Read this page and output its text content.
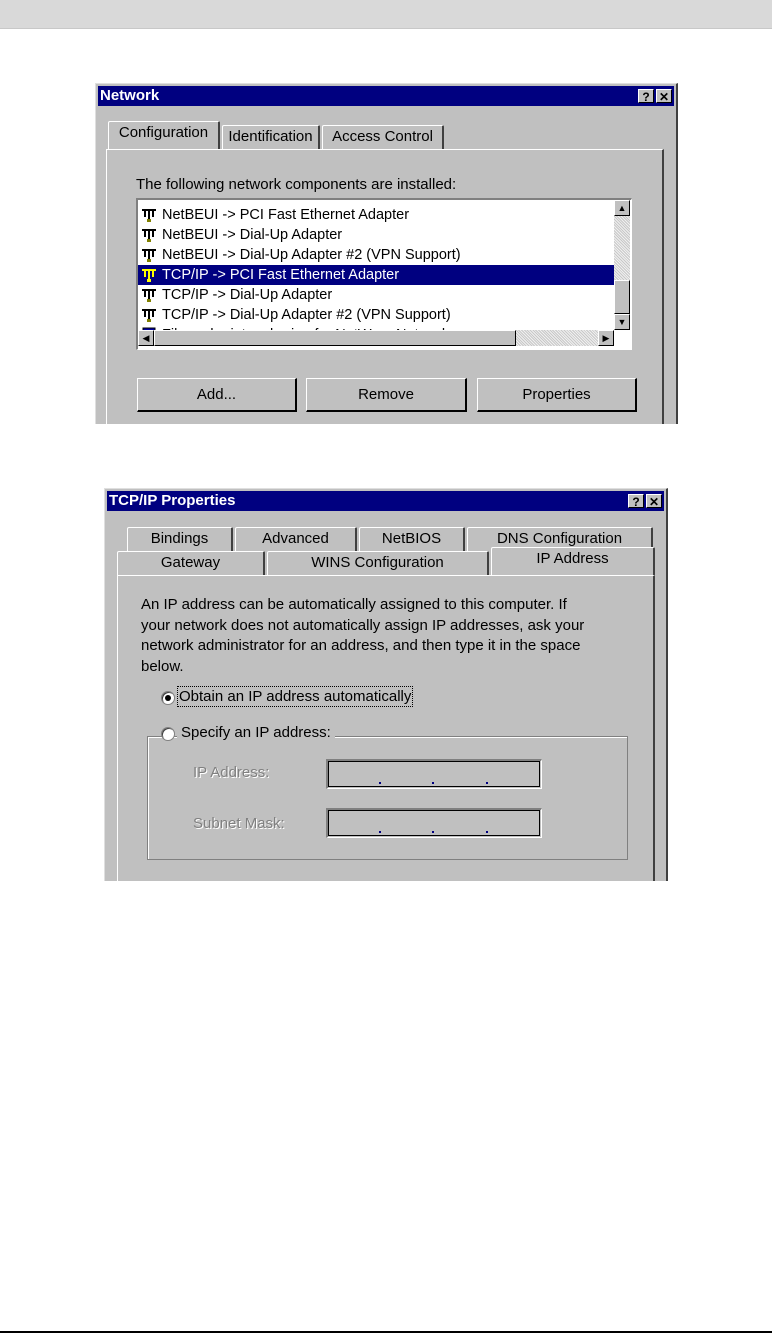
Network	? ✕
Configuration	Identification	Access Control
The following network components are installed:
NetBEUI -> PCI Fast Ethernet Adapter
NetBEUI -> Dial-Up Adapter
NetBEUI -> Dial-Up Adapter #2 (VPN Support)
TCP/IP -> PCI Fast Ethernet Adapter
TCP/IP -> Dial-Up Adapter
TCP/IP -> Dial-Up Adapter #2 (VPN Support)
▲
▼
◀	▶
Add...	Remove	Properties
TCP/IP Properties	? ✕
Bindings	Advanced	NetBIOS	DNS Configuration
Gateway	WINS Configuration	IP Address
An IP address can be automatically assigned to this computer. If
your network does not automatically assign IP addresses, ask your
network administrator for an address, and then type it in the space
below.
Obtain an IP address automatically
Specify an IP address:
IP Address:
Subnet Mask:
